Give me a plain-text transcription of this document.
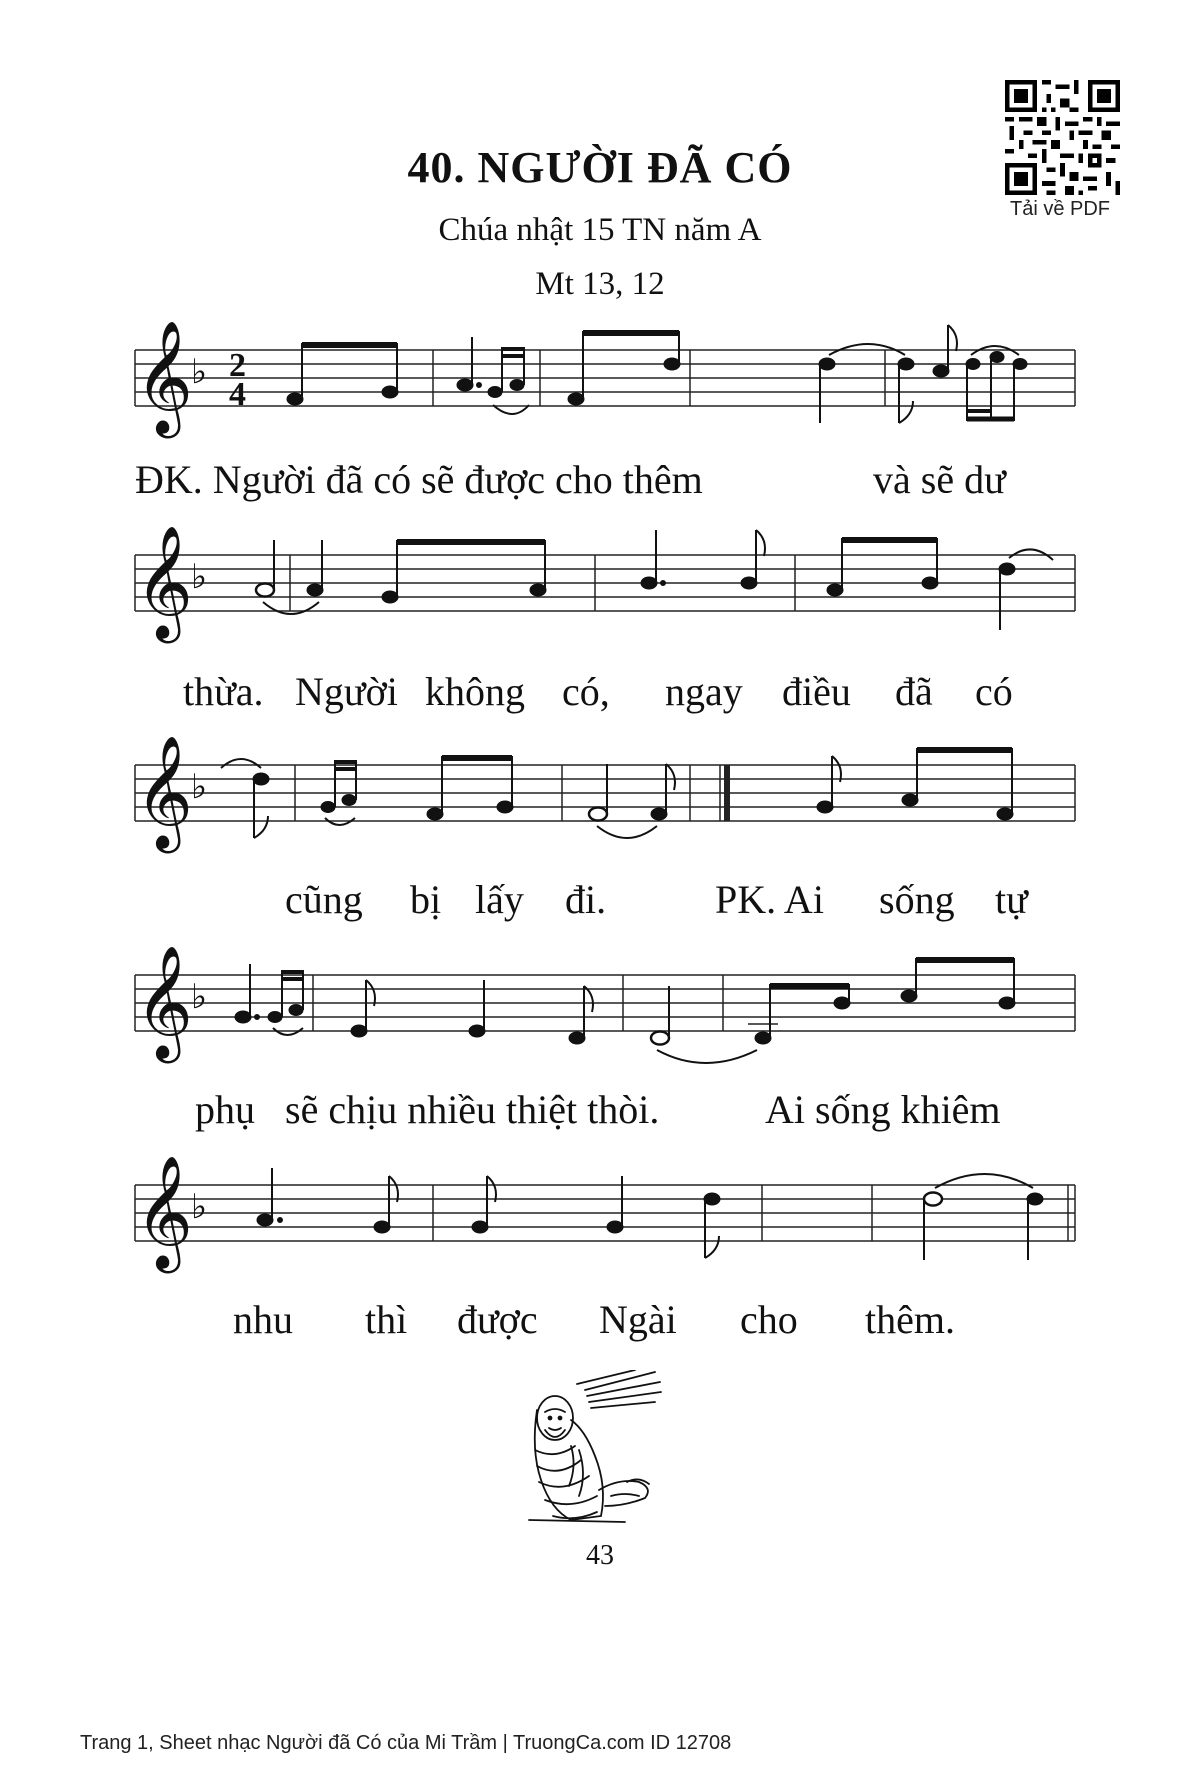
40. NGƯỜI ĐÃ CÓ
Chúa nhật 15 TN năm A
Mt 13, 12
Tải về PDF
𝄞
♭ 2
4
ĐK. Người đã có sẽ được cho thêm	và sẽ dư
𝄞
♭
thừa. Người không có, ngay điều đã có
𝄞
♭
cũng bị lấy đi.	PK. Ai sống tự
𝄞
♭
phụ sẽ chịu nhiều thiệt thòi.	Ai sống khiêm
𝄞
♭
nhu thì được Ngài cho thêm.
43
Trang 1, Sheet nhạc Người đã Có của Mi Trầm | TruongCa.com ID 12708
